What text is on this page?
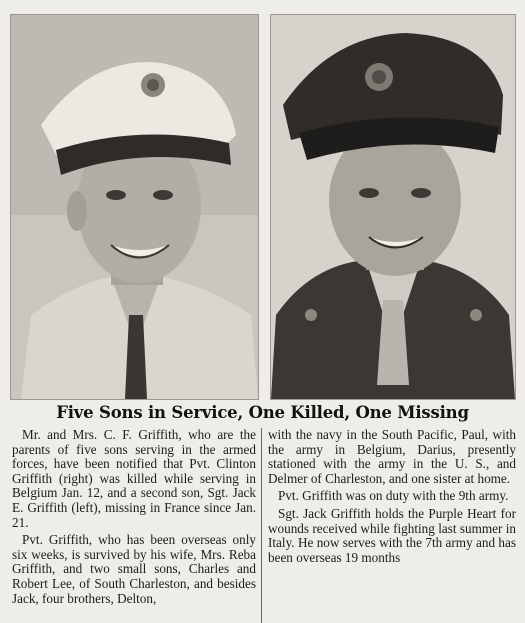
Five Sons in Service, One Killed, One Missing

Mr. and Mrs. C. F. Griffith, who are the parents of five sons serving in the armed forces, have been notified that Pvt. Clinton Griffith (right) was killed while serving in Belgium Jan. 12, and a second son, Sgt. Jack E. Griffith (left), missing in France since Jan. 21.

Pvt. Griffith, who has been overseas only six weeks, is survived by his wife, Mrs. Reba Griffith, and two small sons, Charles and Robert Lee, of South Charleston, and besides Jack, four brothers, Delton,

with the navy in the South Pacific, Paul, with the army in Belgium, Darius, presently stationed with the army in the U. S., and Delmer of Charleston, and one sister at home.

Pvt. Griffith was on duty with the 9th army.

Sgt. Jack Griffith holds the Purple Heart for wounds received while fighting last summer in Italy. He now serves with the 7th army and has been overseas 19 months
